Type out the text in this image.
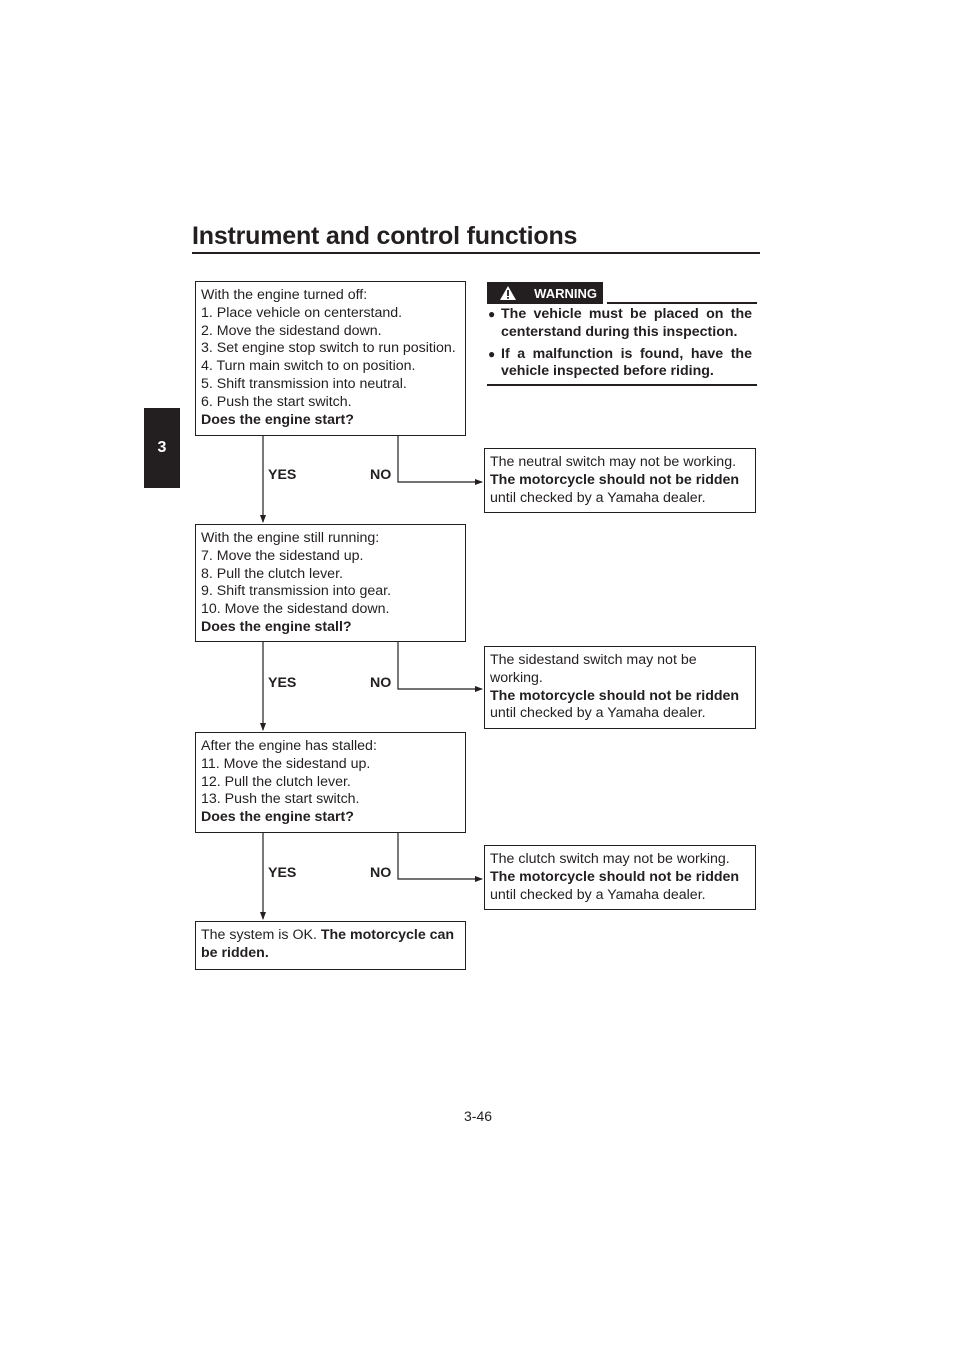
Instrument and control functions
3
With the engine turned off:
1. Place vehicle on centerstand.
2. Move the sidestand down.
3. Set engine stop switch to run position.
4. Turn main switch to on position.
5. Shift transmission into neutral.
6. Push the start switch.
Does the engine start?
With the engine still running:
7. Move the sidestand up.
8. Pull the clutch lever.
9. Shift transmission into gear.
10. Move the sidestand down.
Does the engine stall?
After the engine has stalled:
11. Move the sidestand up.
12. Pull the clutch lever.
13. Push the start switch.
Does the engine start?
The system is OK. The motorcycle can be ridden.
The neutral switch may not be working.
The motorcycle should not be ridden
until checked by a Yamaha dealer.
The sidestand switch may not be
working.
The motorcycle should not be ridden
until checked by a Yamaha dealer.
The clutch switch may not be working.
The motorcycle should not be ridden
until checked by a Yamaha dealer.
YES	NO
YES	NO
YES	NO
WARNING
● The vehicle must be placed on the centerstand during this inspection.
● If a malfunction is found, have the vehicle inspected before riding.
3-46
